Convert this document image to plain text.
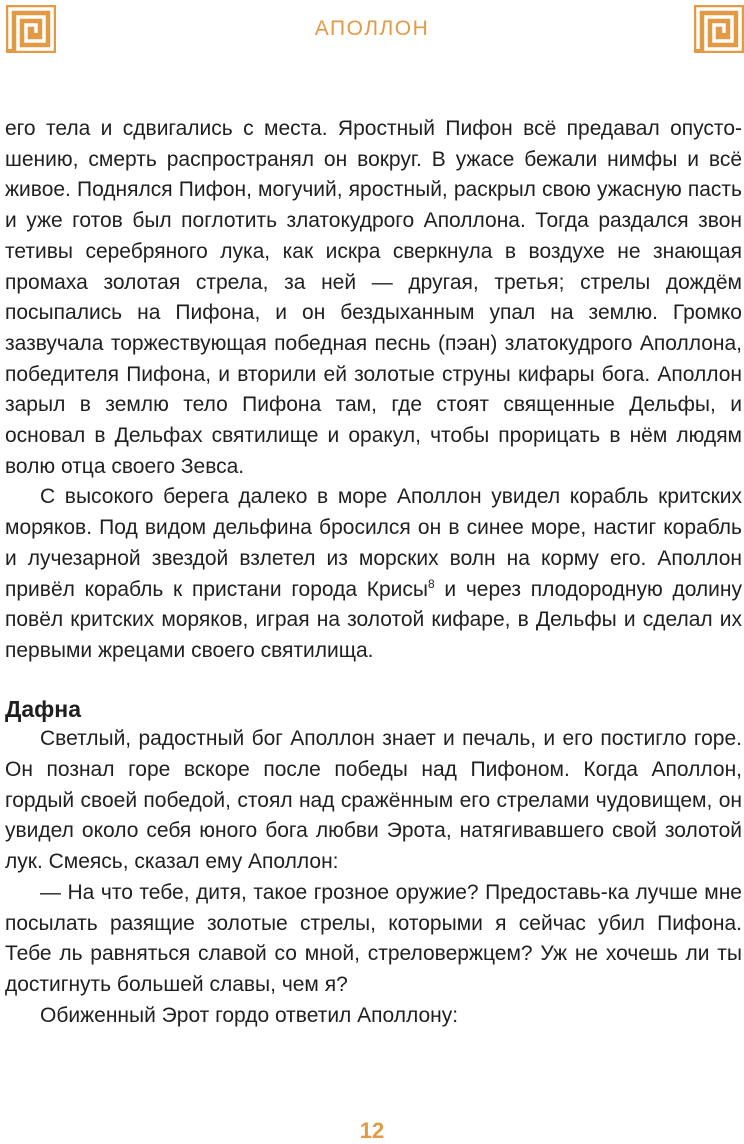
АПОЛЛОН

его тела и сдвигались с места. Яростный Пифон всё предавал опустошению, смерть распространял он вокруг. В ужасе бежали нимфы и всё живое. Поднялся Пифон, могучий, яростный, раскрыл свою ужасную пасть и уже готов был поглотить златокудрого Аполлона. Тогда раздался звон тетивы серебряного лука, как искра сверкнула в воздухе не знающая промаха золотая стрела, за ней — другая, третья; стрелы дождём посыпались на Пифона, и он бездыханным упал на землю. Громко зазвучала торжествующая победная песнь (пэан) златокудрого Аполлона, победителя Пифона, и вторили ей золотые струны кифары бога. Аполлон зарыл в землю тело Пифона там, где стоят священные Дельфы, и основал в Дельфах святилище и оракул, чтобы прорицать в нём людям волю отца своего Зевса.

С высокого берега далеко в море Аполлон увидел корабль критских моряков. Под видом дельфина бросился он в синее море, настиг корабль и лучезарной звездой взлетел из морских волн на корму его. Аполлон привёл корабль к пристани города Крисы$^8$ и через плодородную долину повёл критских моряков, играя на золотой кифаре, в Дельфы и сделал их первыми жрецами своего святилища.

Дафна

Светлый, радостный бог Аполлон знает и печаль, и его постигло горе. Он познал горе вскоре после победы над Пифоном. Когда Аполлон, гордый своей победой, стоял над сражённым его стрелами чудовищем, он увидел около себя юного бога любви Эрота, натягивавшего свой золотой лук. Смеясь, сказал ему Аполлон:

— На что тебе, дитя, такое грозное оружие? Предоставь-ка лучше мне посылать разящие золотые стрелы, которыми я сейчас убил Пифона. Тебе ль равняться славой со мной, стреловержцем? Уж не хочешь ли ты достигнуть большей славы, чем я?

Обиженный Эрот гордо ответил Аполлону:

12
